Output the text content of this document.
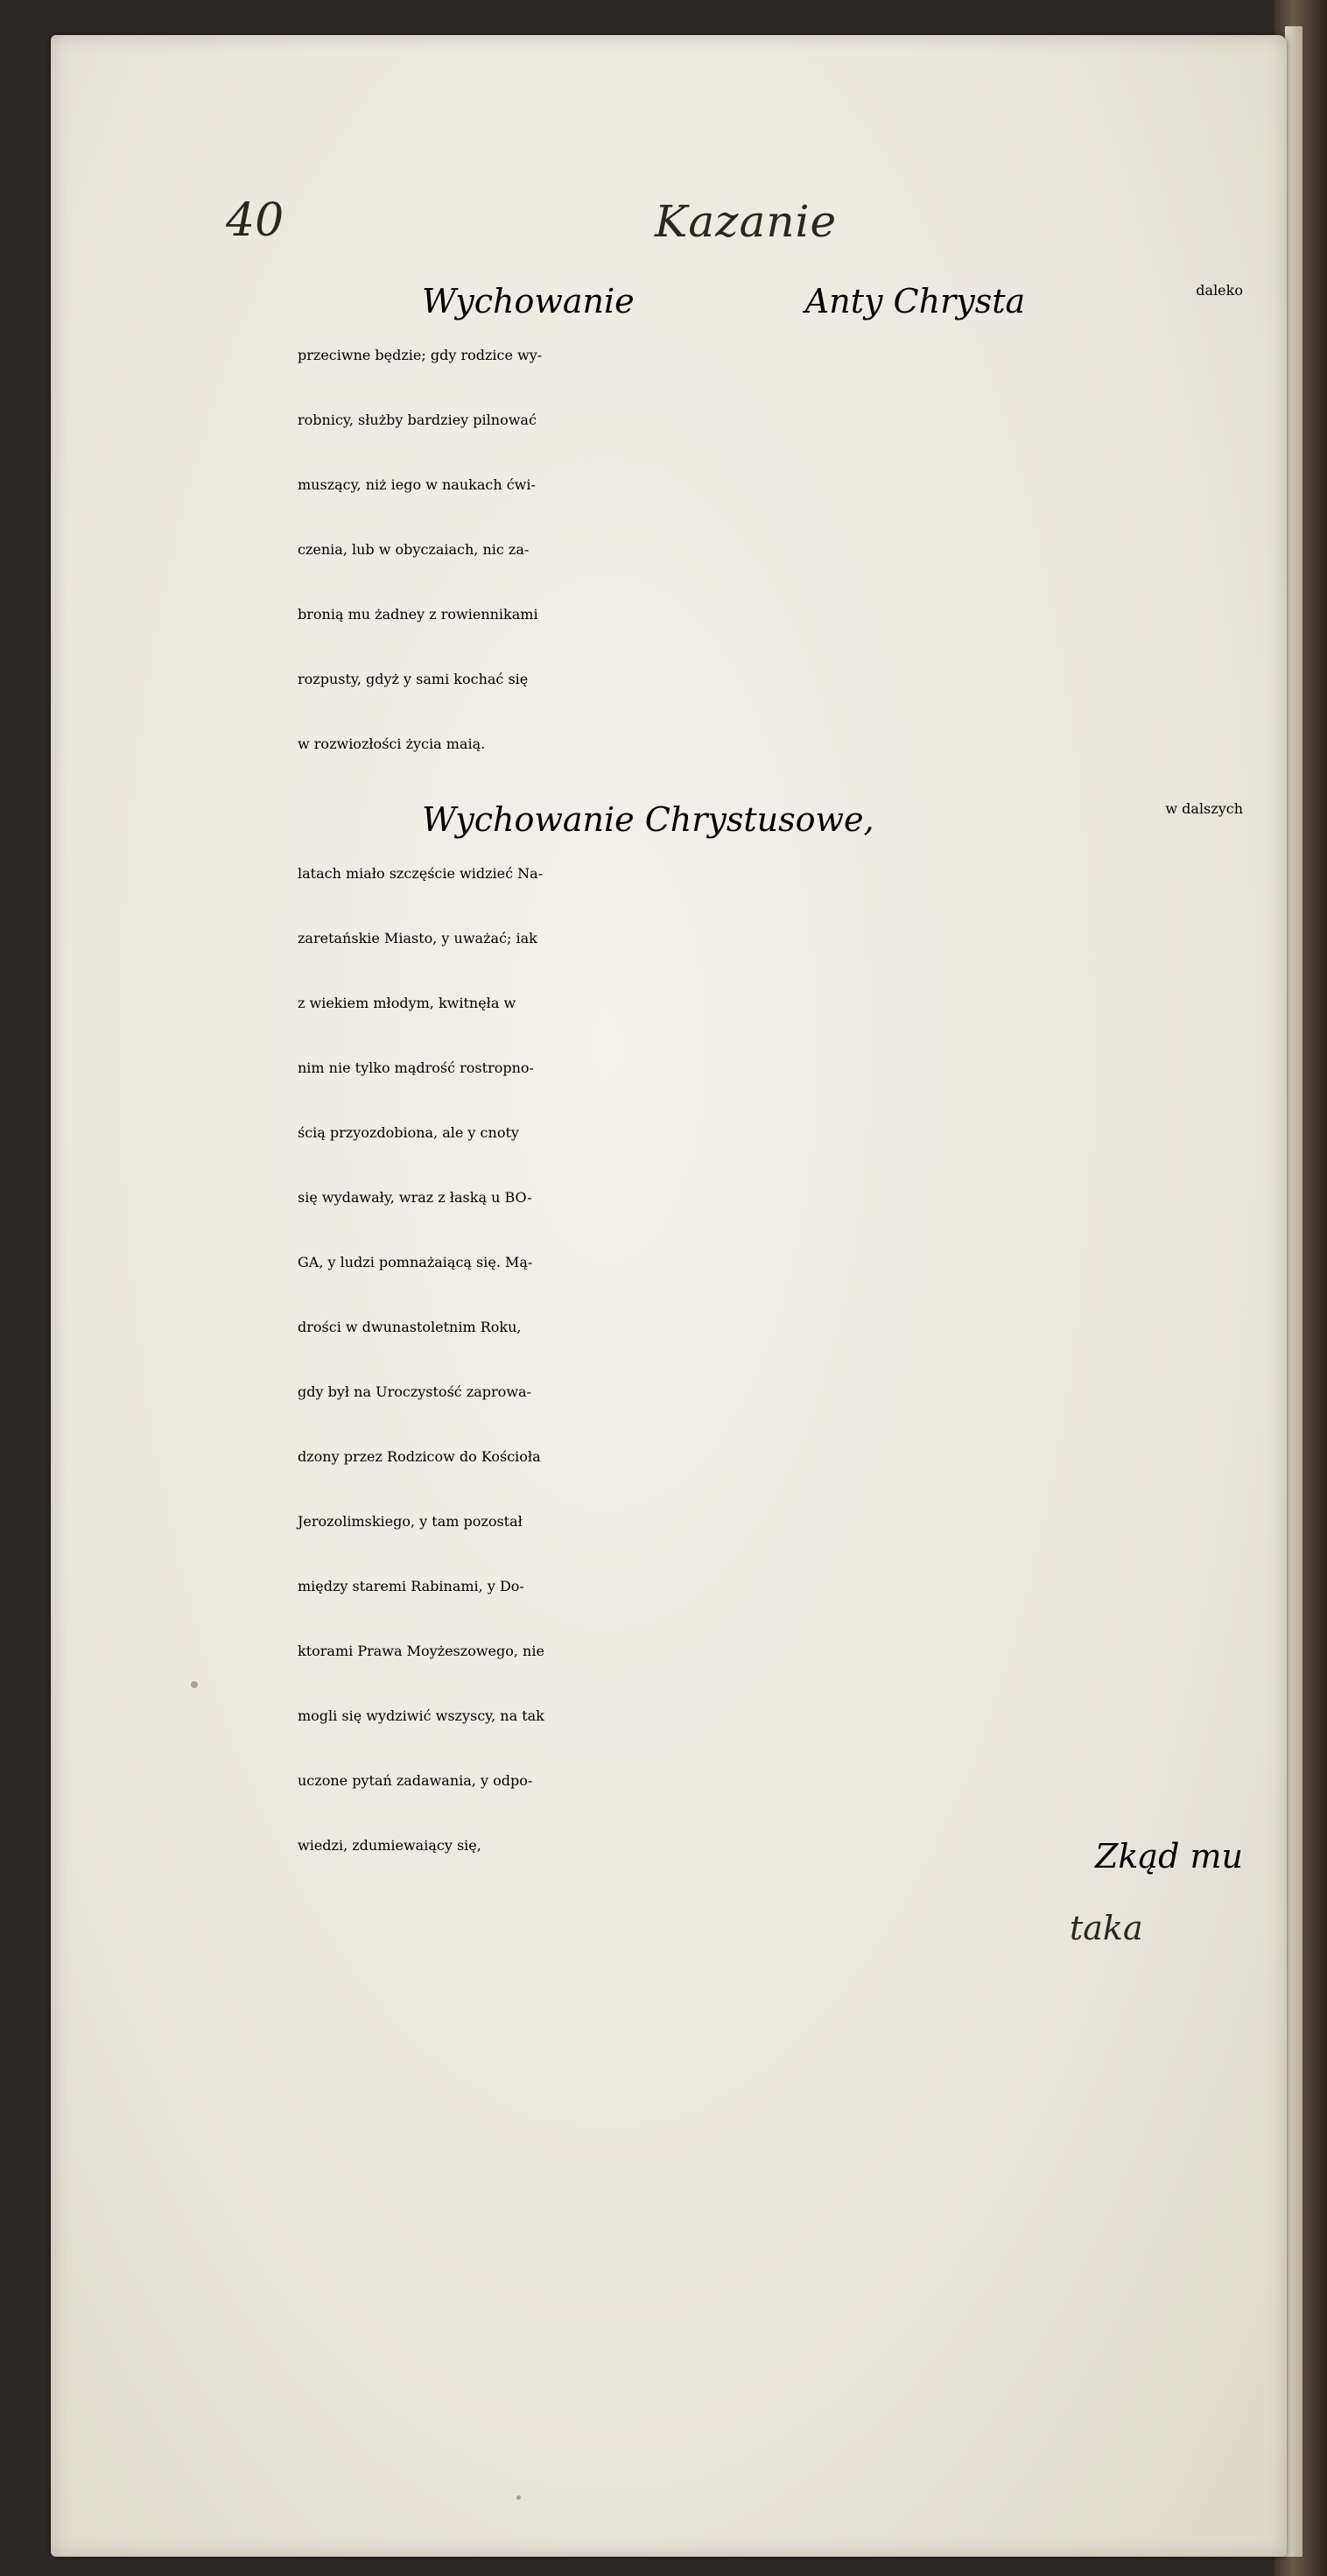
40	Kazanie
Wychowanie	Anty Chrysta	daleko
przeciwne będzie; gdy rodzice wy-
robnicy, służby bardziey pilnować
muszący, niż iego w naukach ćwi-
czenia, lub w obyczaiach, nic za-
bronią mu żadney z rowiennikami
rozpusty, gdyż y sami kochać się
w rozwiozłości życia maią.
Wychowanie Chrystusowe,	w dalszych
latach miało szczęście widzieć Na-
zaretańskie Miasto, y uważać; iak
z wiekiem młodym, kwitnęła w
nim nie tylko mądrość rostropno-
ścią przyozdobiona, ale y cnoty
się wydawały, wraz z łaską u BO-
GA, y ludzi pomnażaiącą się. Mą-
drości w dwunastoletnim Roku,
gdy był na Uroczystość zaprowa-
dzony przez Rodzicow do Kościoła
Jerozolimskiego, y tam pozostał
między staremi Rabinami, y Do-
ktorami Prawa Moyżeszowego, nie
mogli się wydziwić wszyscy, na tak
uczone pytań zadawania, y odpo-
wiedzi, zdumiewaiący się,	Zkąd mu
taka
